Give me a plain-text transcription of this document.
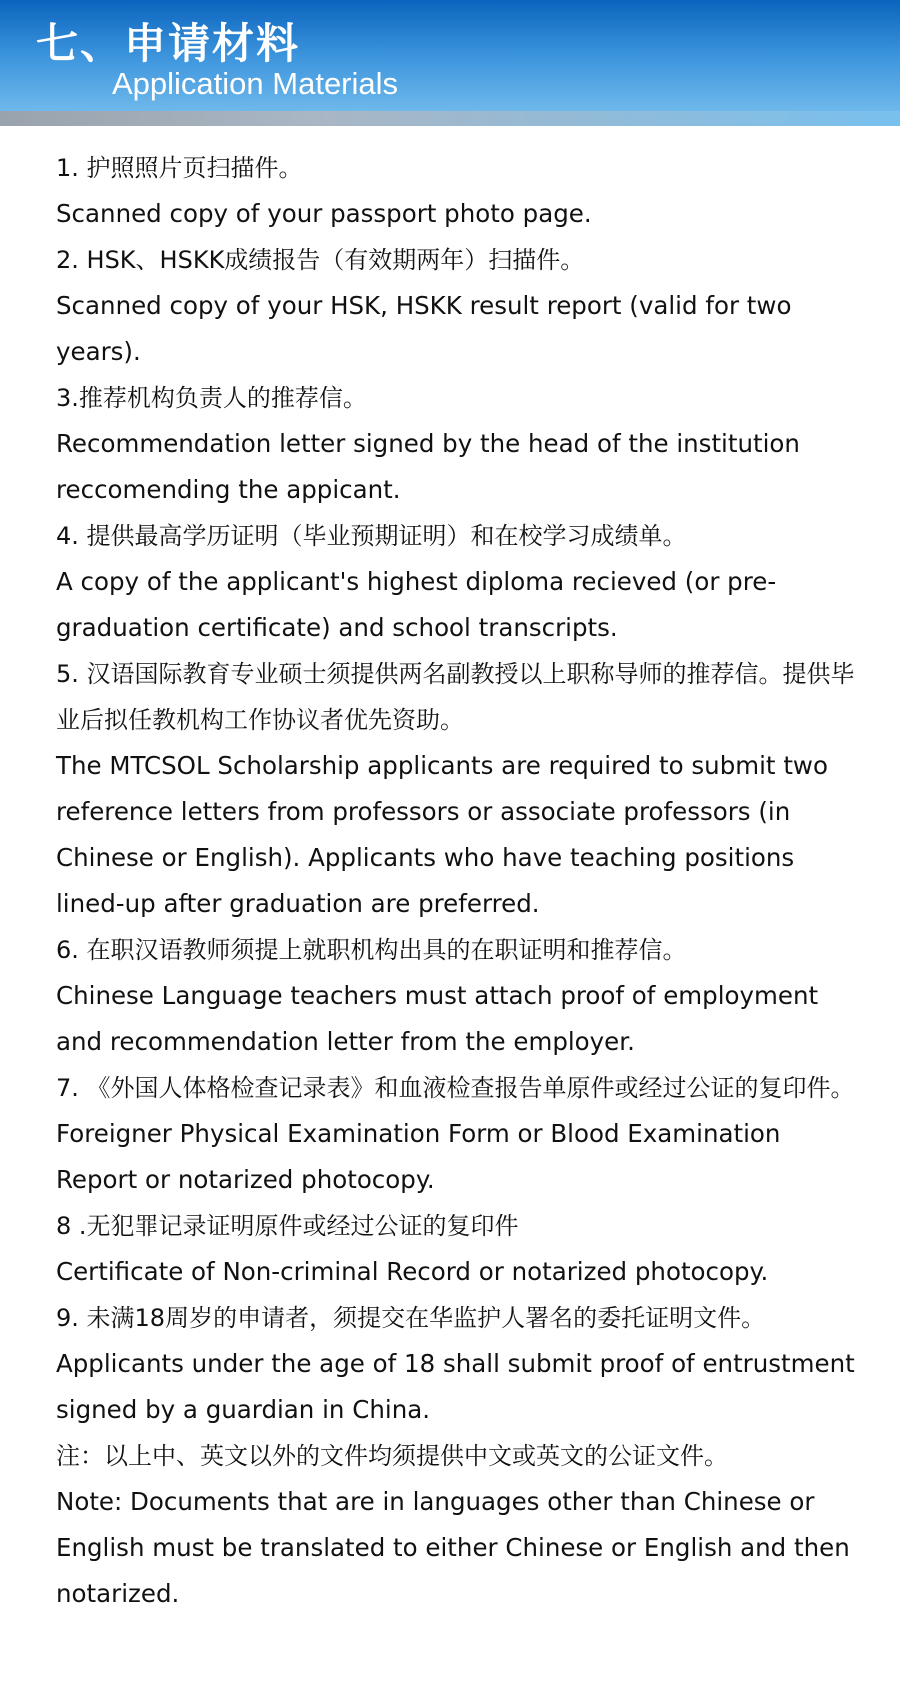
七、申请材料
Application Materials

1. 护照照片页扫描件。

Scanned copy of your passport photo page.

2. HSK、HSKK成绩报告（有效期两年）扫描件。

Scanned copy of your HSK, HSKK result report (valid for two years).

3.推荐机构负责人的推荐信。

Recommendation letter signed by the head of the institution reccomending the appicant.

4. 提供最高学历证明（毕业预期证明）和在校学习成绩单。

A copy of the applicant's highest diploma recieved (or pre-graduation certificate) and school transcripts.

5. 汉语国际教育专业硕士须提供两名副教授以上职称导师的推荐信。提供毕业后拟任教机构工作协议者优先资助。

The MTCSOL Scholarship applicants are required to submit two reference letters from professors or associate professors (in Chinese or English). Applicants who have teaching positions lined-up after graduation are preferred.

6. 在职汉语教师须提上就职机构出具的在职证明和推荐信。

Chinese Language teachers must attach proof of employment and recommendation letter from the employer.

7. 《外国人体格检查记录表》和血液检查报告单原件或经过公证的复印件。

Foreigner Physical Examination Form or Blood Examination Report or notarized photocopy.

8 .无犯罪记录证明原件或经过公证的复印件

Certificate of Non-criminal Record or notarized photocopy.

9. 未满18周岁的申请者，须提交在华监护人署名的委托证明文件。

Applicants under the age of 18 shall submit proof of entrustment signed by a guardian in China.

注：以上中、英文以外的文件均须提供中文或英文的公证文件。

Note: Documents that are in languages other than Chinese or English must be translated to either Chinese or English and then notarized.
